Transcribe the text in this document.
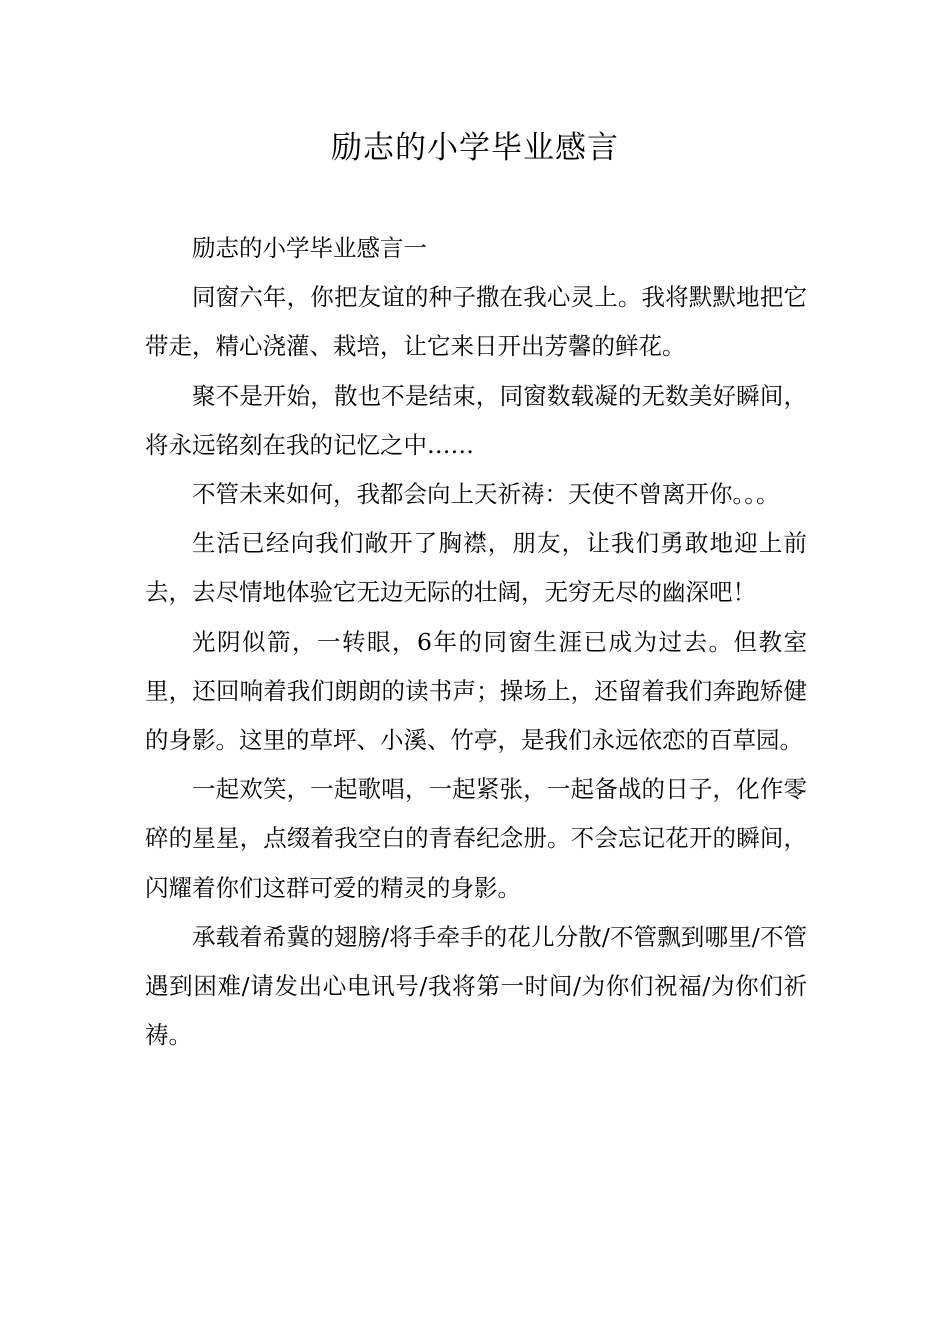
励志的小学毕业感言

励志的小学毕业感言一

同窗六年，你把友谊的种子撒在我心灵上。我将默默地把它带走，精心浇灌、栽培，让它来日开出芳馨的鲜花。

聚不是开始，散也不是结束，同窗数载凝的无数美好瞬间，将永远铭刻在我的记忆之中……

不管未来如何，我都会向上天祈祷：天使不曾离开你。。。

生活已经向我们敞开了胸襟，朋友，让我们勇敢地迎上前去，去尽情地体验它无边无际的壮阔，无穷无尽的幽深吧！

光阴似箭，一转眼，6年的同窗生涯已成为过去。但教室里，还回响着我们朗朗的读书声；操场上，还留着我们奔跑矫健的身影。这里的草坪、小溪、竹亭，是我们永远依恋的百草园。

一起欢笑，一起歌唱，一起紧张，一起备战的日子，化作零碎的星星，点缀着我空白的青春纪念册。不会忘记花开的瞬间，闪耀着你们这群可爱的精灵的身影。

承载着希冀的翅膀/将手牵手的花儿分散/不管飘到哪里/不管遇到困难/请发出心电讯号/我将第一时间/为你们祝福/为你们祈祷。
